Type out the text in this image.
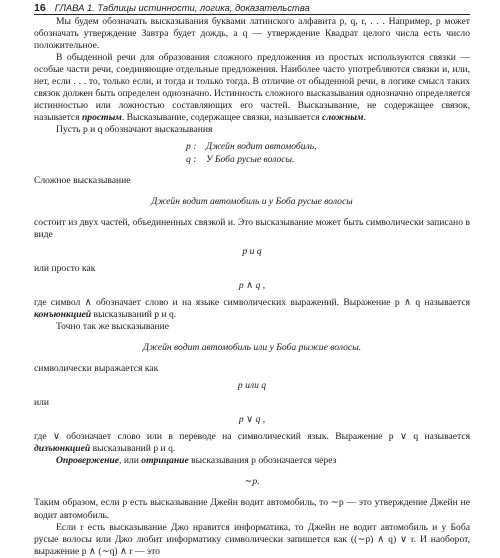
16 ГЛАВА 1. Таблицы истинности, логика, доказательства

Мы будем обозначать высказывания буквами латинского алфавита p, q, r, . . . Например, p может обозначать утверждение Завтра будет дождь, а q — утверждение Квадрат целого числа есть число положительное.

В обыденной речи для образования сложного предложения из простых используются связки — особые части речи, соединяющие отдельные предложения. Наиболее часто употребляются связки и, или, нет, если . . . то, только если, и тогда и только тогда. В отличие от обыденной речи, в логике смысл таких связок должен быть определен однозначно. Истинность сложного высказывания однозначно определяется истинностью или ложностью составляющих его частей. Высказывание, не содержащее связок, называется простым. Высказывание, содержащее связки, называется сложным.

Пусть p и q обозначают высказывания

p : Джейн водит автомобиль,
q : У Боба русые волосы.

Сложное высказывание

Джейн водит автомобиль и у Боба русые волосы

состоит из двух частей, объединенных связкой и. Это высказывание может быть символически записано в виде

p и q

или просто как

p ∧ q ,

где символ ∧ обозначает слово и на языке символических выражений. Выражение p ∧ q называется конъюнкцией высказываний p и q.

Точно так же высказывание

Джейн водит автомобиль или у Боба рыжие волосы.

символически выражается как

p или q

или

p ∨ q ,

где ∨ обозначает слово или в переводе на символический язык. Выражение p ∨ q называется дизъюнкцией высказываний p и q.

Опровержение, или отрицание высказывания p обозначается через

∼p.

Таким образом, если p есть высказывание Джейн водит автомобиль, то ∼p — это утверждение Джейн не водит автомобиль.

Если r есть высказывание Джо нравится информатика, то Джейн не водит автомобиль и у Боба русые волосы или Джо любит информатику символически запишется как ((∼p) ∧ q) ∨ r. И наоборот, выражение p ∧ (∼q) ∧ r — это
